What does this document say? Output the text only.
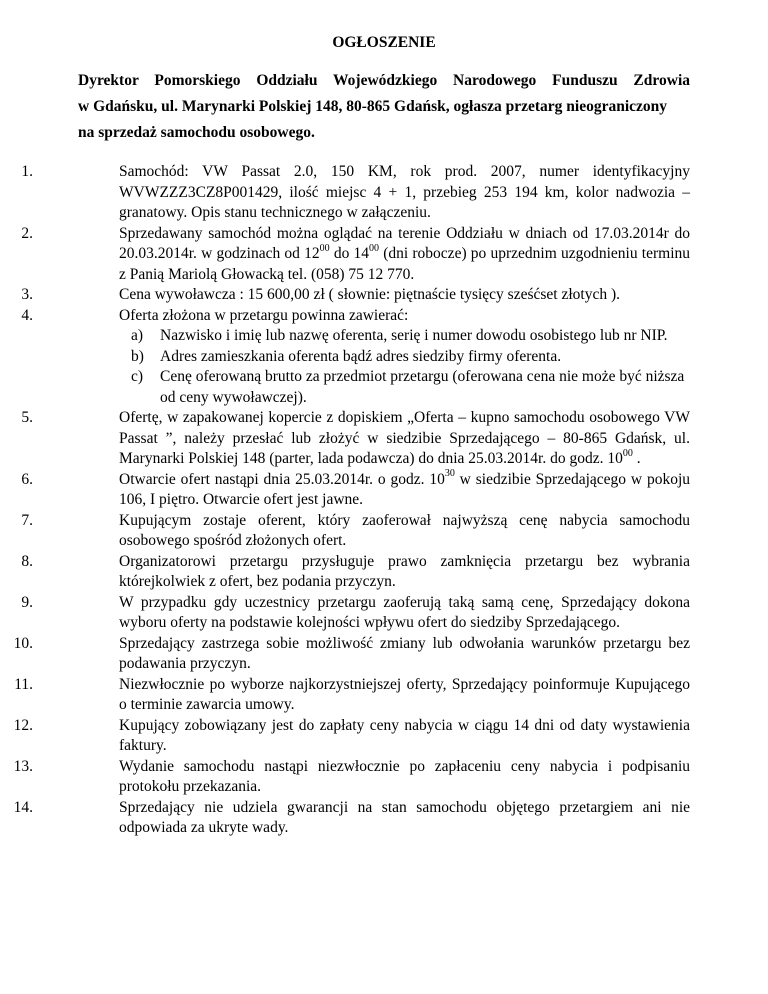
OGŁOSZENIE
Dyrektor Pomorskiego Oddziału Wojewódzkiego Narodowego Funduszu Zdrowia
w Gdańsku, ul. Marynarki Polskiej 148, 80-865 Gdańsk, ogłasza przetarg nieograniczony
na sprzedaż samochodu osobowego.
1.	Samochód: VW Passat 2.0, 150 KM, rok prod. 2007, numer identyfikacyjny WVWZZZ3CZ8P001429, ilość miejsc 4 + 1, przebieg 253 194 km, kolor nadwozia – granatowy. Opis stanu technicznego w załączeniu.
2.	Sprzedawany samochód można oglądać na terenie Oddziału w dniach od 17.03.2014r do 20.03.2014r. w godzinach od $12^{00}$ do $14^{00}$ (dni robocze) po uprzednim uzgodnieniu terminu z Panią Mariolą Głowacką tel. (058) 75 12 770.
3.	Cena wywoławcza : 15 600,00 zł ( słownie: piętnaście tysięcy sześćset złotych ).
4.	Oferta złożona w przetargu powinna zawierać:
a) Nazwisko i imię lub nazwę oferenta, serię i numer dowodu osobistego lub nr NIP.
b) Adres zamieszkania oferenta bądź adres siedziby firmy oferenta.
c) Cenę oferowaną brutto za przedmiot przetargu (oferowana cena nie może być niższa od ceny wywoławczej).
5.	Ofertę, w zapakowanej kopercie z dopiskiem „Oferta – kupno samochodu osobowego VW Passat ”, należy przesłać lub złożyć w siedzibie Sprzedającego – 80-865 Gdańsk, ul. Marynarki Polskiej 148 (parter, lada podawcza) do dnia 25.03.2014r. do godz. $10^{00}$ .
6.	Otwarcie ofert nastąpi dnia 25.03.2014r. o godz. $10^{30}$ w siedzibie Sprzedającego w pokoju 106, I piętro. Otwarcie ofert jest jawne.
7.	Kupującym zostaje oferent, który zaoferował najwyższą cenę nabycia samochodu osobowego spośród złożonych ofert.
8.	Organizatorowi przetargu przysługuje prawo zamknięcia przetargu bez wybrania którejkolwiek z ofert, bez podania przyczyn.
9.	W przypadku gdy uczestnicy przetargu zaoferują taką samą cenę, Sprzedający dokona wyboru oferty na podstawie kolejności wpływu ofert do siedziby Sprzedającego.
10.	Sprzedający zastrzega sobie możliwość zmiany lub odwołania warunków przetargu bez podawania przyczyn.
11.	Niezwłocznie po wyborze najkorzystniejszej oferty, Sprzedający poinformuje Kupującego o terminie zawarcia umowy.
12.	Kupujący zobowiązany jest do zapłaty ceny nabycia w ciągu 14 dni od daty wystawienia faktury.
13.	Wydanie samochodu nastąpi niezwłocznie po zapłaceniu ceny nabycia i podpisaniu protokołu przekazania.
14.	Sprzedający nie udziela gwarancji na stan samochodu objętego przetargiem ani nie odpowiada za ukryte wady.
